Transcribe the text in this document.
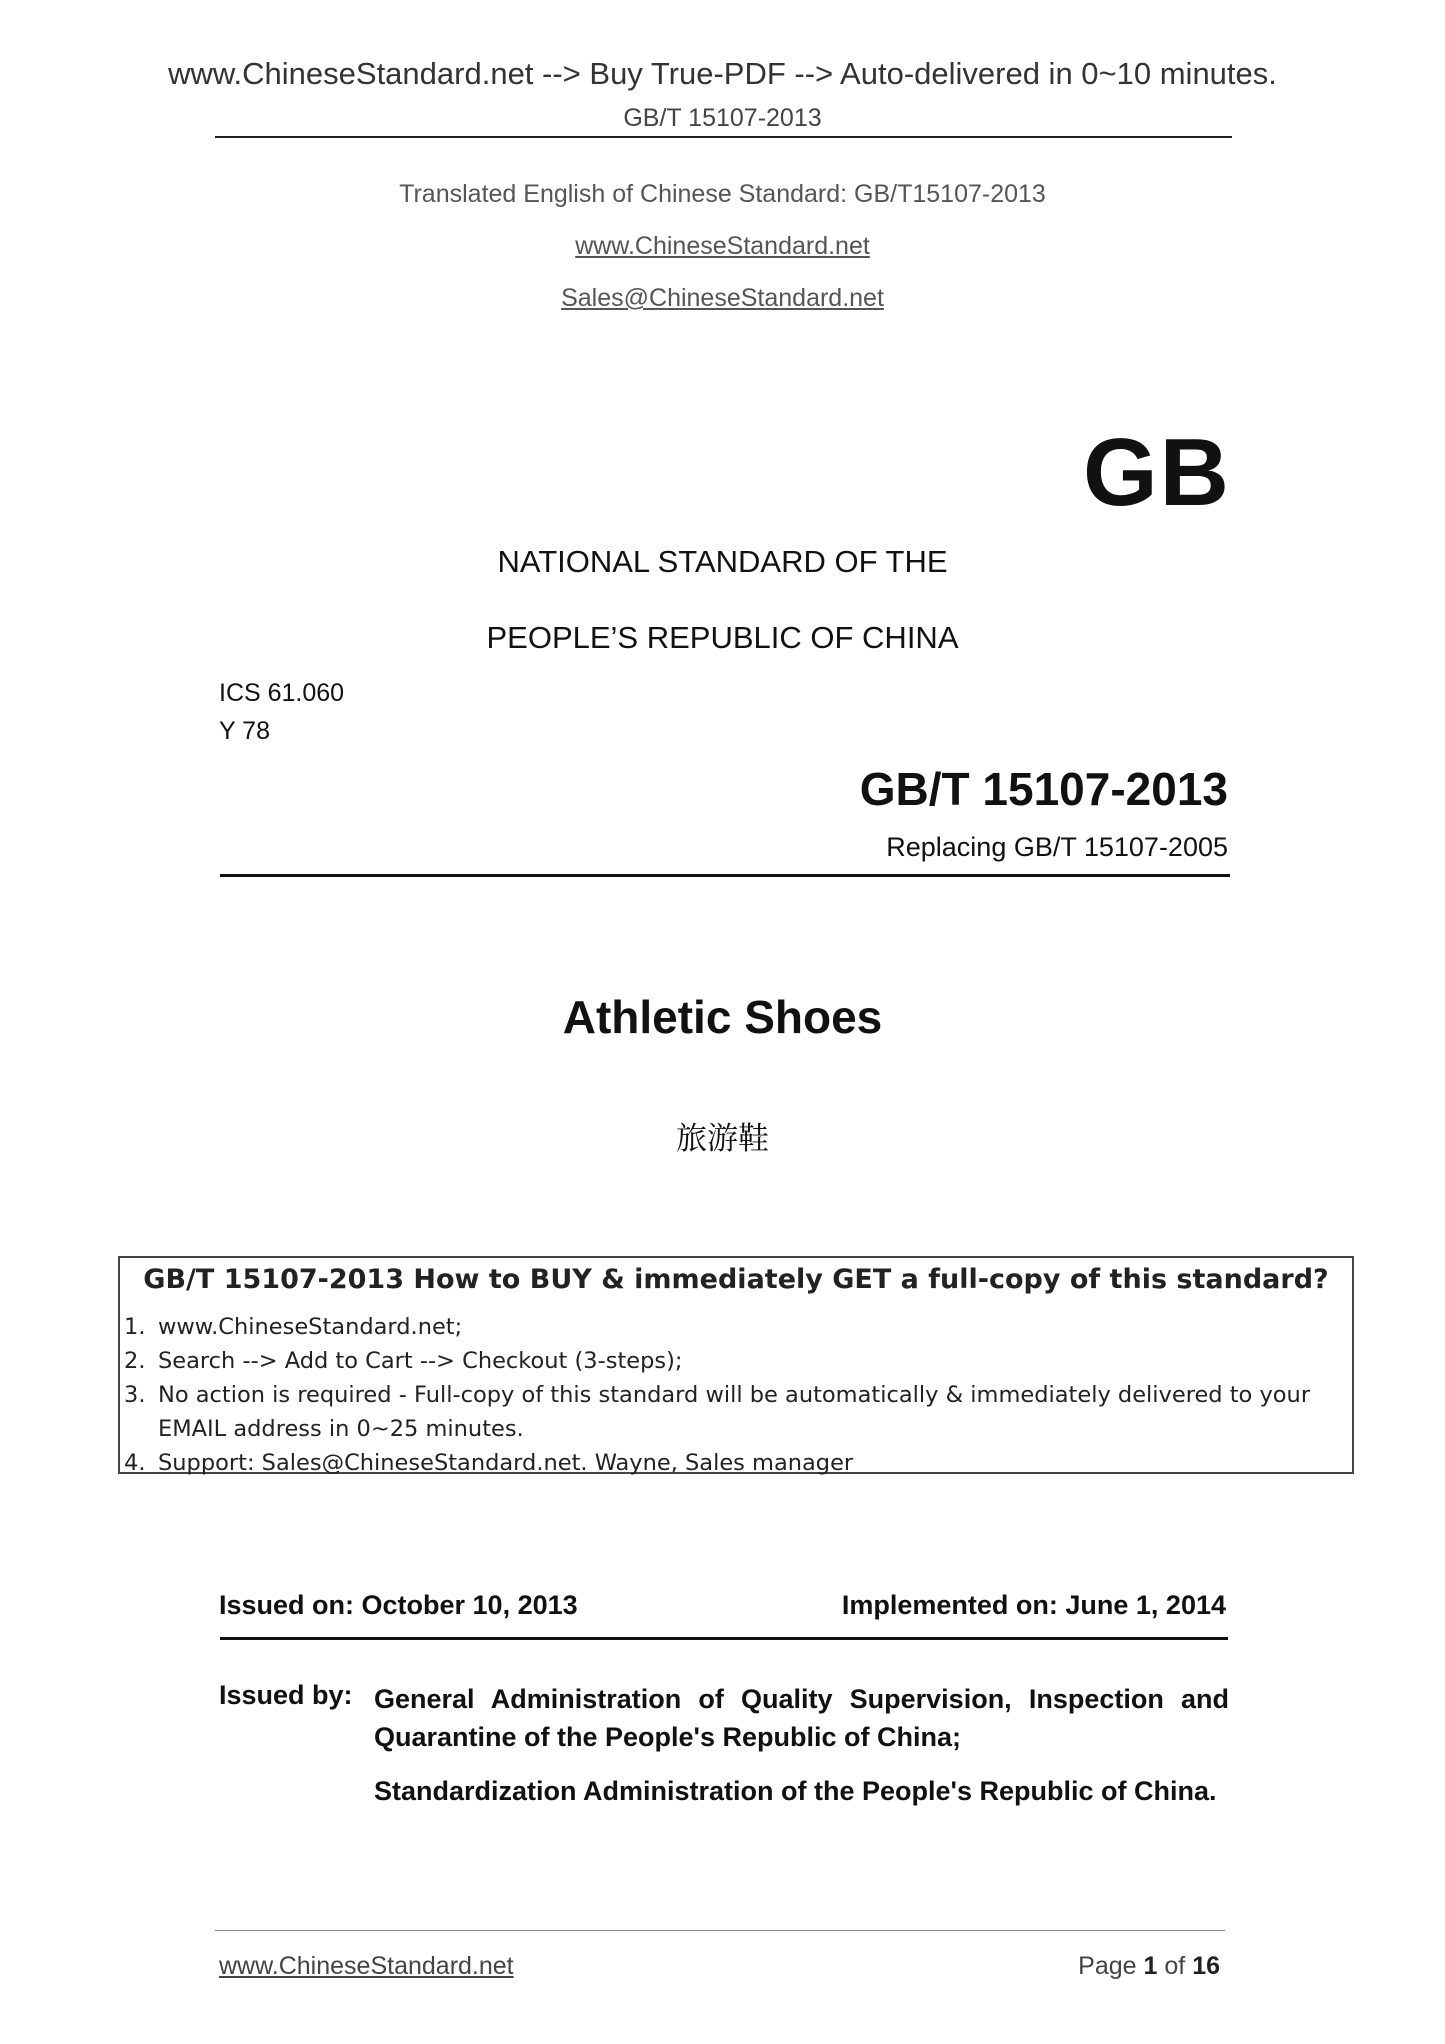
www.ChineseStandard.net --> Buy True-PDF --> Auto-delivered in 0~10 minutes.
GB/T 15107-2013
Translated English of Chinese Standard: GB/T15107-2013
www.ChineseStandard.net
Sales@ChineseStandard.net
GB
NATIONAL STANDARD OF THE
PEOPLE’S REPUBLIC OF CHINA
ICS 61.060
Y 78
GB/T 15107-2013
Replacing GB/T 15107-2005
Athletic Shoes
旅游鞋
GB/T 15107-2013 How to BUY & immediately GET a full-copy of this standard?
1. www.ChineseStandard.net;
2. Search --> Add to Cart --> Checkout (3-steps);
3. No action is required - Full-copy of this standard will be automatically & immediately delivered to your EMAIL address in 0~25 minutes.
4. Support: Sales@ChineseStandard.net. Wayne, Sales manager
Issued on: October 10, 2013	Implemented on: June 1, 2014
Issued by: General Administration of Quality Supervision, Inspection and Quarantine of the People's Republic of China;
Standardization Administration of the People's Republic of China.
www.ChineseStandard.net	Page 1 of 16
